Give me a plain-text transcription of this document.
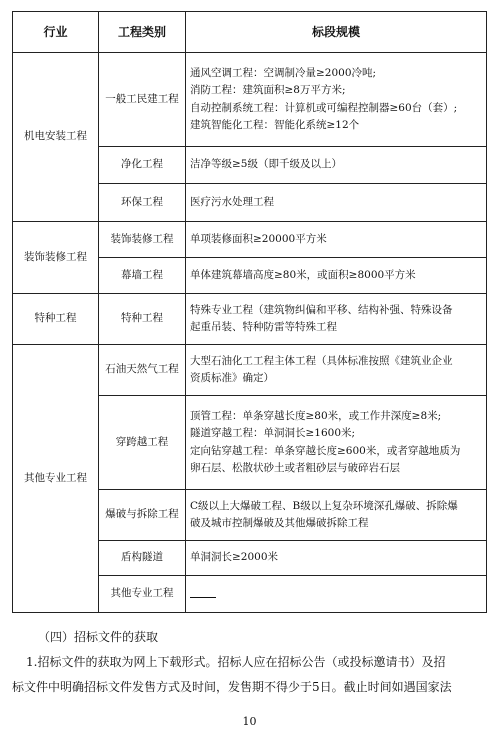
行业	工程类别	标段规模
机电安装工程	一般工民建工程	通风空调工程：空调制冷量≥2000冷吨;
消防工程：建筑面积≥8万平方米;
自动控制系统工程：计算机或可编程控制器≥60台（套）;
建筑智能化工程：智能化系统≥12个

	净化工程	洁净等级≥5级（即千级及以上）

	环保工程	医疗污水处理工程

装饰装修工程	装饰装修工程	单项装修面积≥20000平方米

	幕墙工程	单体建筑幕墙高度≥80米，或面积≥8000平方米

特种工程	特种工程	特殊专业工程（建筑物纠偏和平移、结构补强、特殊设备
起重吊装、特种防雷等特殊工程

其他专业工程	石油天然气工程	大型石油化工工程主体工程（具体标准按照《建筑业企业
资质标准》确定）

	穿跨越工程	顶管工程：单条穿越长度≥80米，或工作井深度≥8米;
隧道穿越工程：单洞洞长≥1600米;
定向钻穿越工程：单条穿越长度≥600米，或者穿越地质为
卵石层、松散状砂土或者粗砂层与破碎岩石层

	爆破与拆除工程	C级以上大爆破工程、B级以上复杂环境深孔爆破、拆除爆
破及城市控制爆破及其他爆破拆除工程

	盾构隧道	单洞洞长≥2000米

	其他专业工程	
（四）招标文件的获取
1.招标文件的获取为网上下载形式。招标人应在招标公告（或投标邀请书）及招
标文件中明确招标文件发售方式及时间，发售期不得少于5日。截止时间如遇国家法
10
